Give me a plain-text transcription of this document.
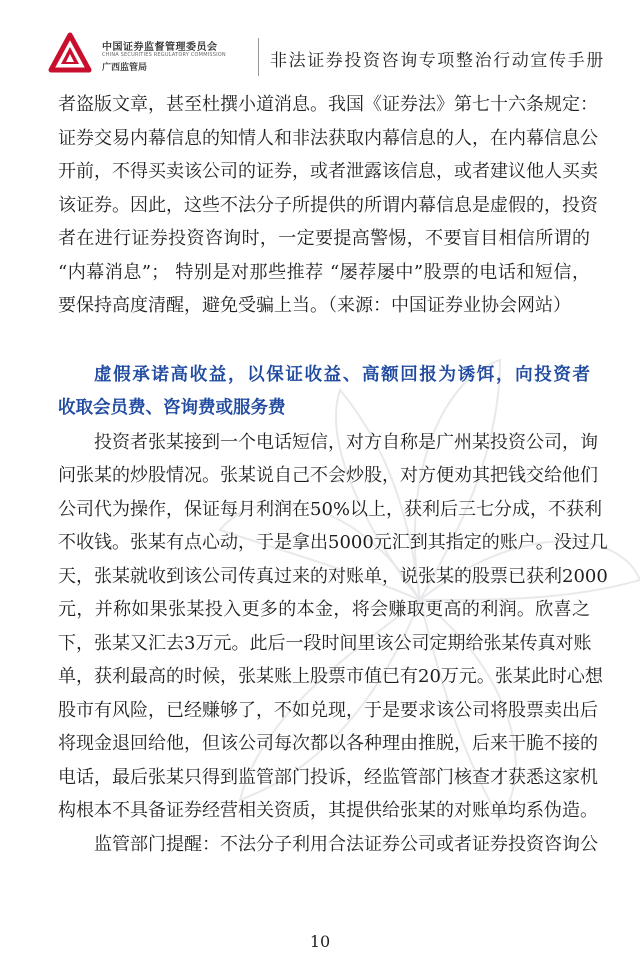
中国证券监督管理委员会
CHINA SECURITIES REGULATORY COMMISSION
广西监管局	非法证券投资咨询专项整治行动宣传手册
者盗版文章，甚至杜撰小道消息。我国《证券法》第七十六条规定：
证券交易内幕信息的知情人和非法获取内幕信息的人，在内幕信息公
开前，不得买卖该公司的证券，或者泄露该信息，或者建议他人买卖
该证券。因此，这些不法分子所提供的所谓内幕信息是虚假的，投资
者在进行证券投资咨询时，一定要提高警惕，不要盲目相信所谓的
“内幕消息”； 特别是对那些推荐 “屡荐屡中”股票的电话和短信，
要保持高度清醒，避免受骗上当。（来源：中国证券业协会网站）
虚假承诺高收益，以保证收益、高额回报为诱饵，向投资者
收取会员费、咨询费或服务费
投资者张某接到一个电话短信，对方自称是广州某投资公司，询
问张某的炒股情况。张某说自己不会炒股，对方便劝其把钱交给他们
公司代为操作，保证每月利润在50%以上，获利后三七分成，不获利
不收钱。张某有点心动，于是拿出5000元汇到其指定的账户。没过几
天，张某就收到该公司传真过来的对账单，说张某的股票已获利2000
元，并称如果张某投入更多的本金，将会赚取更高的利润。欣喜之
下，张某又汇去3万元。此后一段时间里该公司定期给张某传真对账
单，获利最高的时候，张某账上股票市值已有20万元。张某此时心想
股市有风险，已经赚够了，不如兑现，于是要求该公司将股票卖出后
将现金退回给他，但该公司每次都以各种理由推脱，后来干脆不接的
电话，最后张某只得到监管部门投诉，经监管部门核查才获悉这家机
构根本不具备证券经营相关资质，其提供给张某的对账单均系伪造。
监管部门提醒：不法分子利用合法证券公司或者证券投资咨询公
10
